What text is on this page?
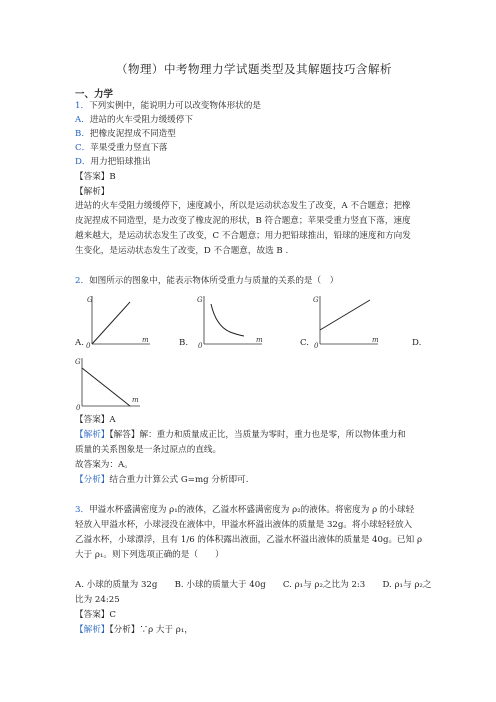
（物理）中考物理力学试题类型及其解题技巧含解析
一、力学
1．下列实例中，能说明力可以改变物体形状的是
A．进站的火车受阻力缓缓停下
B．把橡皮泥捏成不同造型
C．苹果受重力竖直下落
D．用力把铅球推出
【答案】B
【解析】
进站的火车受阻力缓缓停下，速度减小，所以是运动状态发生了改变，A 不合题意；把橡
皮泥捏成不同造型，是力改变了橡皮泥的形状，B 符合题意；苹果受重力竖直下落，速度
越来越大，是运动状态发生了改变，C 不合题意；用力把铅球推出，铅球的速度和方向发
生变化，是运动状态发生了改变，D 不合题意，故选 B .
2．如图所示的图象中，能表示物体所受重力与质量的关系的是（　）
A.
G
m
0	B.
G
m
0	C.
G
m
0	D.
G
m
0
【答案】A
【解析】【解答】解：重力和质量成正比，当质量为零时，重力也是零，所以物体重力和
质量的关系图象是一条过原点的直线。
故答案为：A。
【分析】结合重力计算公式 G=mg 分析即可.
3．甲溢水杯盛满密度为 ρ₁的液体，乙溢水杯盛满密度为 ρ₂的液体。将密度为 ρ 的小球轻
轻放入甲溢水杯，小球浸没在液体中，甲溢水杯溢出液体的质量是 32g。将小球轻轻放入
乙溢水杯，小球漂浮，且有 1/6 的体积露出液面，乙溢水杯溢出液体的质量是 40g。已知 ρ
大于 ρ₁。则下列选项正确的是（　　）
A. 小球的质量为 32g　　B. 小球的质量大于 40g　　C. ρ₁与 ρ₂之比为 2:3　　D. ρ₁与 ρ₂之
比为 24:25
【答案】C
【解析】【分析】∵ρ 大于 ρ₁，
